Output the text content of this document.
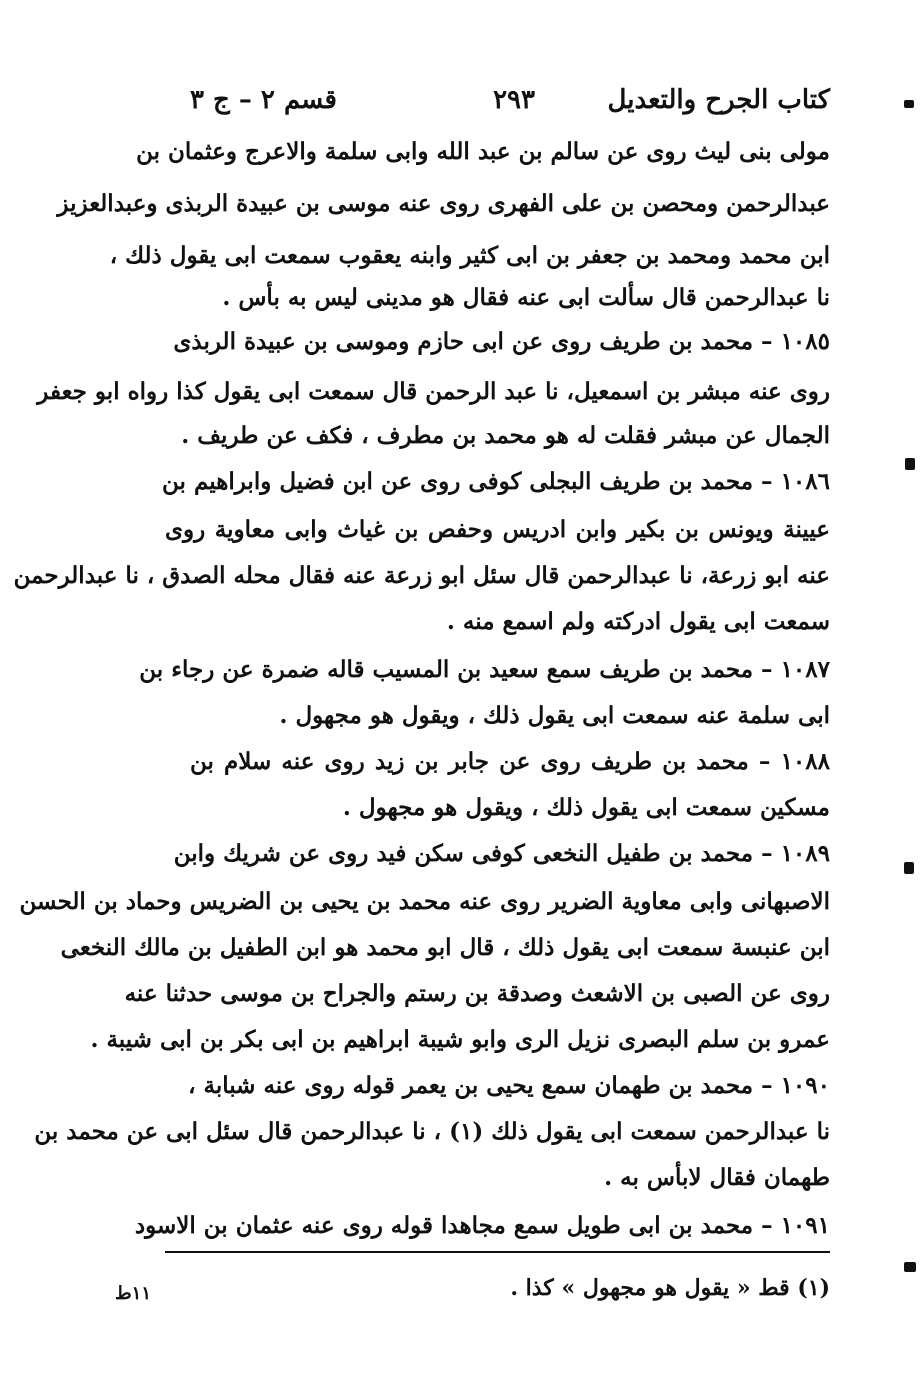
كتاب الجرح والتعديل
٢٩٣
قسم ٢ – ج ٣
مولى بنى ليث روى عن سالم بن عبد الله وابى سلمة والاعرج وعثمان بن
عبدالرحمن ومحصن بن على الفهرى روى عنه موسى بن عبيدة الربذى وعبدالعزيز
ابن محمد ومحمد بن جعفر بن ابى كثير وابنه يعقوب سمعت ابى يقول ذلك ،
نا عبدالرحمن قال سألت ابى عنه فقال هو مدينى ليس به بأس .
١٠٨٥ – محمد بن طريف روى عن ابى حازم وموسى بن عبيدة الربذى
روى عنه مبشر بن اسمعيل، نا عبد الرحمن قال سمعت ابى يقول كذا رواه ابو جعفر
الجمال عن مبشر فقلت له هو محمد بن مطرف ، فكف عن طريف .
١٠٨٦ – محمد بن طريف البجلى كوفى روى عن ابن فضيل وابراهيم بن
عيينة ويونس بن بكير وابن ادريس وحفص بن غياث وابى معاوية روى
عنه ابو زرعة، نا عبدالرحمن قال سئل ابو زرعة عنه فقال محله الصدق ، نا عبدالرحمن
سمعت ابى يقول ادركته ولم اسمع منه .
١٠٨٧ – محمد بن طريف سمع سعيد بن المسيب قاله ضمرة عن رجاء بن
ابى سلمة عنه سمعت ابى يقول ذلك ، ويقول هو مجهول .
١٠٨٨ – محمد بن طريف روى عن جابر بن زيد روى عنه سلام بن
مسكين سمعت ابى يقول ذلك ، ويقول هو مجهول .
١٠٨٩ – محمد بن طفيل النخعى كوفى سكن فيد روى عن شريك وابن
الاصبهانى وابى معاوية الضرير روى عنه محمد بن يحيى بن الضريس وحماد بن الحسن
ابن عنبسة سمعت ابى يقول ذلك ، قال ابو محمد هو ابن الطفيل بن مالك النخعى
روى عن الصبى بن الاشعث وصدقة بن رستم والجراح بن موسى حدثنا عنه
عمرو بن سلم البصرى نزيل الرى وابو شيبة ابراهيم بن ابى بكر بن ابى شيبة .
١٠٩٠ – محمد بن طهمان سمع يحيى بن يعمر قوله روى عنه شبابة ،
نا عبدالرحمن سمعت ابى يقول ذلك (١) ، نا عبدالرحمن قال سئل ابى عن محمد بن
طهمان فقال لابأس به .
١٠٩١ – محمد بن ابى طويل سمع مجاهدا قوله روى عنه عثمان بن الاسود
(١) قط « يقول هو مجهول » كذا .
١١ط
